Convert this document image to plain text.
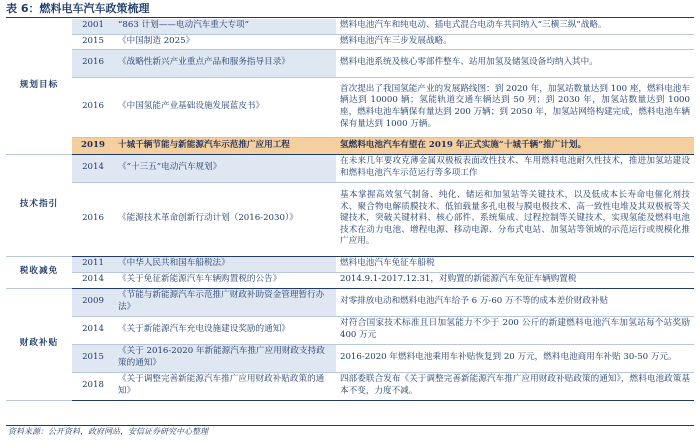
表 6：燃料电车汽车政策梳理
规划目标	2001	“863 计划——电动汽车重大专项”	燃料电池汽车和纯电动、插电式混合电动车共同纳入“三横三纵”战略。
	2015	《中国制造 2025》	燃料电池汽车三步发展战略。
	2016	《战略性新兴产业重点产品和服务指导目录》	燃料电池系统及核心零部件整车、站用加氢及储氢设备均纳入其中。
	2016	《中国氢能产业基础设施发展蓝皮书》	首次提出了我国氢能产业的发展路线图：到 2020 年，加氢站数量达到 100 座，燃料电池车辆达到 10000 辆；氢能轨道交通车辆达到 50 列；到 2030 年，加氢站数量达到 1000 座，燃料电池车辆保有量达到 200 万辆；到 2050 年，加氢站网络构建完成，燃料电池车辆保有量达到 1000 万辆。
	2019	十城千辆节能与新能源汽车示范推广应用工程	氢燃料电池汽车有望在 2019 年正式实施“十城千辆”推广计划。
技术指引	2014	《“十三五”电动汽车规划》	在未来几年要攻克薄金属双极板表面改性技术、车用燃料电池耐久性技术，推进加氢站建设和燃料电池汽车示范运行等多项工作
	2016	《能源技术革命创新行动计划（2016-2030）》	基本掌握高效氢气制备、纯化、储运和加氢站等关键技术，以及低成本长寿命电催化剂技术、聚合物电解质膜技术、低铂载量多孔电极与膜电极技术、高一致性电堆及其双极板等关键技术，突破关键材料、核心部件、系统集成、过程控制等关键技术，实现氢能及燃料电池技术在动力电池、增程电源、移动电源、分布式电站、加氢站等领域的示范运行或规模化推广应用。
税收减免	2011	《中华人民共和国车船税法》	燃料电池汽车免征车船税
	2014	《关于免征新能源汽车车辆购置税的公告》	2014.9.1-2017.12.31，对购置的新能源汽车免征车辆购置税
财政补贴	2009	《节能与新能源汽车示范推广财政补助资金管理暂行办法》	对零排放电动和燃料电池汽车给予 6 万-60 万不等的成本差价财政补贴
	2014	《关于新能源汽车充电设施建设奖励的通知》	对符合国家技术标准且日加氢能力不少于 200 公斤的新建燃料电池汽车加氢站每个站奖励 400 万元
	2015	《关于 2016-2020 年新能源汽车推广应用财政支持政策的通知》	2016-2020 年燃料电池乘用车补贴恢复到 20 万元，燃料电池商用车补贴 30-50 万元。
	2018	《关于调整完善新能源汽车推广应用财政补贴政策的通知》	四部委联合发布《关于调整完善新能源汽车推广应用财政补贴政策的通知》，燃料电池政策基本不变，力度不减。
资料来源：公开资料，政府网站，安信证券研究中心整理
